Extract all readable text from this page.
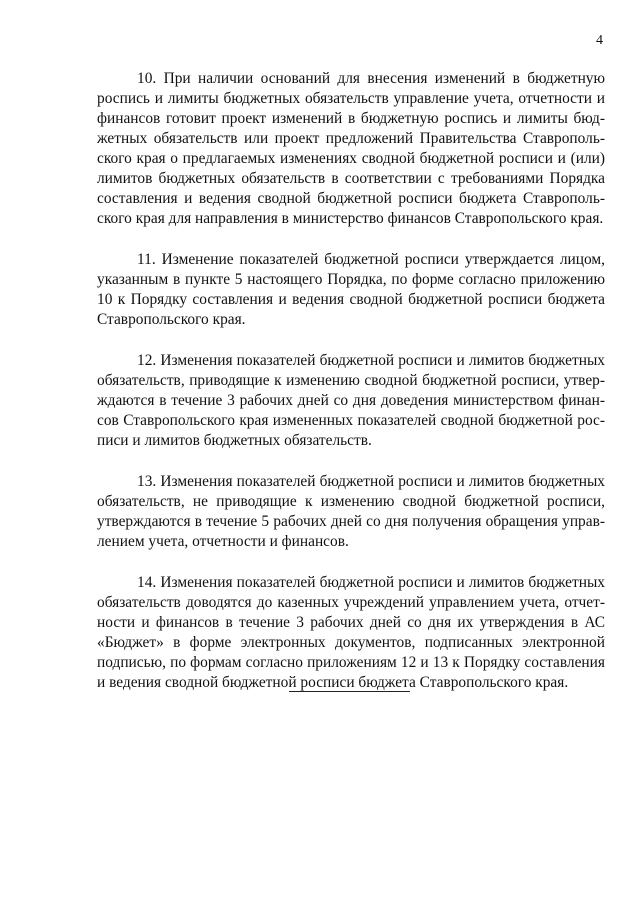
4

10. При наличии оснований для внесения изменений в бюджетную роспись и лимиты бюджетных обязательств управление учета, отчетности и финансов готовит проект изменений в бюджетную роспись и лимиты бюджетных обязательств или проект предложений Правительства Ставропольского края о предлагаемых изменениях сводной бюджетной росписи и (или) лимитов бюджетных обязательств в соответствии с требованиями Порядка составления и ведения сводной бюджетной росписи бюджета Ставропольского края для направления в министерство финансов Ставропольского края.

11. Изменение показателей бюджетной росписи утверждается лицом, указанным в пункте 5 настоящего Порядка, по форме согласно приложению 10 к Порядку составления и ведения сводной бюджетной росписи бюджета Ставропольского края.

12. Изменения показателей бюджетной росписи и лимитов бюджетных обязательств, приводящие к изменению сводной бюджетной росписи, утверждаются в течение 3 рабочих дней со дня доведения министерством финансов Ставропольского края измененных показателей сводной бюджетной росписи и лимитов бюджетных обязательств.

13. Изменения показателей бюджетной росписи и лимитов бюджетных обязательств, не приводящие к изменению сводной бюджетной росписи, утверждаются в течение 5 рабочих дней со дня получения обращения управлением учета, отчетности и финансов.

14. Изменения показателей бюджетной росписи и лимитов бюджетных обязательств доводятся до казенных учреждений управлением учета, отчетности и финансов в течение 3 рабочих дней со дня их утверждения в АС «Бюджет» в форме электронных документов, подписанных электронной подписью, по формам согласно приложениям 12 и 13 к Порядку составления и ведения сводной бюджетной росписи бюджета Ставропольского края.
